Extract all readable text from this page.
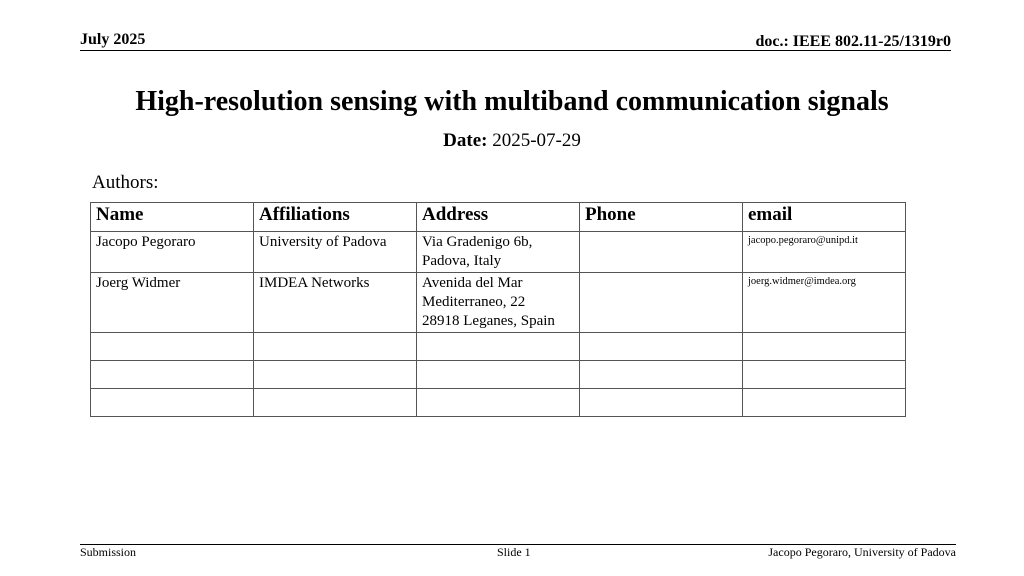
July 2025	doc.: IEEE 802.11-25/1319r0
High-resolution sensing with multiband communication signals
Date: 2025-07-29
Authors:
Name	Affiliations	Address	Phone	email
Jacopo Pegoraro	University of Padova	Via Gradenigo 6b,
Padova, Italy		jacopo.pegoraro@unipd.it
Joerg Widmer	IMDEA Networks	Avenida del Mar
Mediterraneo, 22
28918 Leganes, Spain		joerg.widmer@imdea.org

Submission	Slide 1	Jacopo Pegoraro, University of Padova
